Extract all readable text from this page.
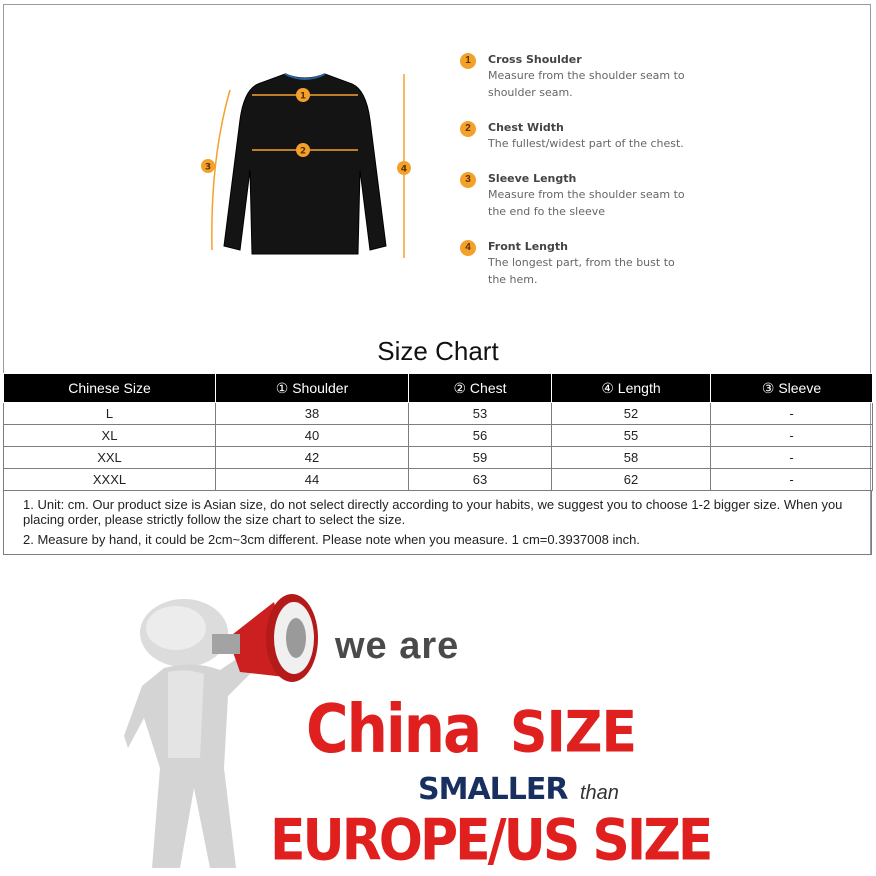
1
2
3	4
1	Cross Shoulder
Measure from the shoulder seam to shoulder seam.
2	Chest Width
The fullest/widest part of the chest.
3	Sleeve Length
Measure from the shoulder seam to the end fo the sleeve
4	Front Length
The longest part, from the bust to the hem.
Size Chart
Chinese Size	① Shoulder	② Chest	④ Length	③ Sleeve
L	38	53	52	-
XL	40	56	55	-
XXL	42	59	58	-
XXXL	44	63	62	-

1. Unit: cm. Our product size is Asian size, do not select directly according to your habits, we suggest you to choose 1-2 bigger size. When you placing order, please strictly follow the size chart to select the size.

2. Measure by hand, it could be 2cm~3cm different. Please note when you measure. 1 cm=0.3937008 inch.

we are
China SIZE
SMALLER than
EUROPE/US SIZE
